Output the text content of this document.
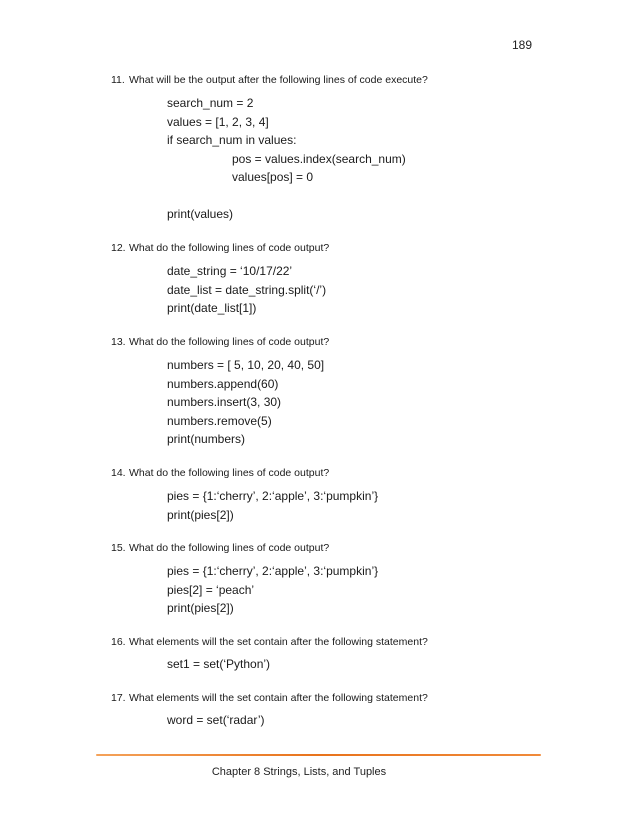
189
11. What will be the output after the following lines of code execute?
search_num = 2
values = [1, 2, 3, 4]
if search_num in values:
pos = values.index(search_num)
values[pos] = 0
print(values)
12. What do the following lines of code output?
date_string = ‘10/17/22’
date_list = date_string.split(‘/’)
print(date_list[1])
13. What do the following lines of code output?
numbers = [ 5, 10, 20, 40, 50]
numbers.append(60)
numbers.insert(3, 30)
numbers.remove(5)
print(numbers)
14. What do the following lines of code output?
pies = {1:‘cherry’, 2:‘apple’, 3:‘pumpkin’}
print(pies[2])
15. What do the following lines of code output?
pies = {1:‘cherry’, 2:‘apple’, 3:‘pumpkin’}
pies[2] = ‘peach’
print(pies[2])
16. What elements will the set contain after the following statement?
set1 = set(‘Python’)
17. What elements will the set contain after the following statement?
word = set(‘radar’)
Chapter 8 Strings, Lists, and Tuples
